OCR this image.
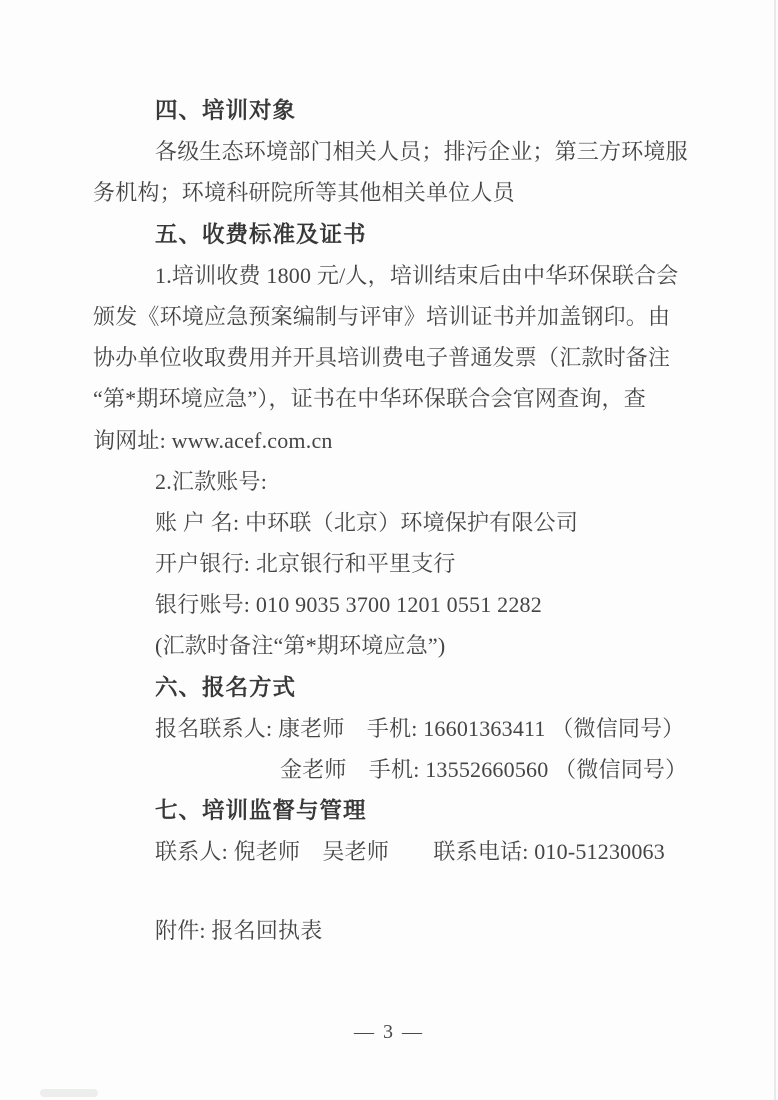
四、培训对象
各级生态环境部门相关人员；排污企业；第三方环境服
务机构；环境科研院所等其他相关单位人员
五、收费标准及证书
1.培训收费 1800 元/人，培训结束后由中华环保联合会
颁发《环境应急预案编制与评审》培训证书并加盖钢印。由
协办单位收取费用并开具培训费电子普通发票（汇款时备注
“第*期环境应急”），证书在中华环保联合会官网查询，查
询网址: www.acef.com.cn
2.汇款账号:
账 户 名: 中环联（北京）环境保护有限公司
开户银行: 北京银行和平里支行
银行账号: 010 9035 3700 1201 0551 2282
(汇款时备注“第*期环境应急”)
六、报名方式
报名联系人: 康老师　手机: 16601363411 （微信同号）
金老师　手机: 13552660560 （微信同号）
七、培训监督与管理
联系人: 倪老师　吴老师　　联系电话: 010-51230063
附件: 报名回执表
— 3 —
